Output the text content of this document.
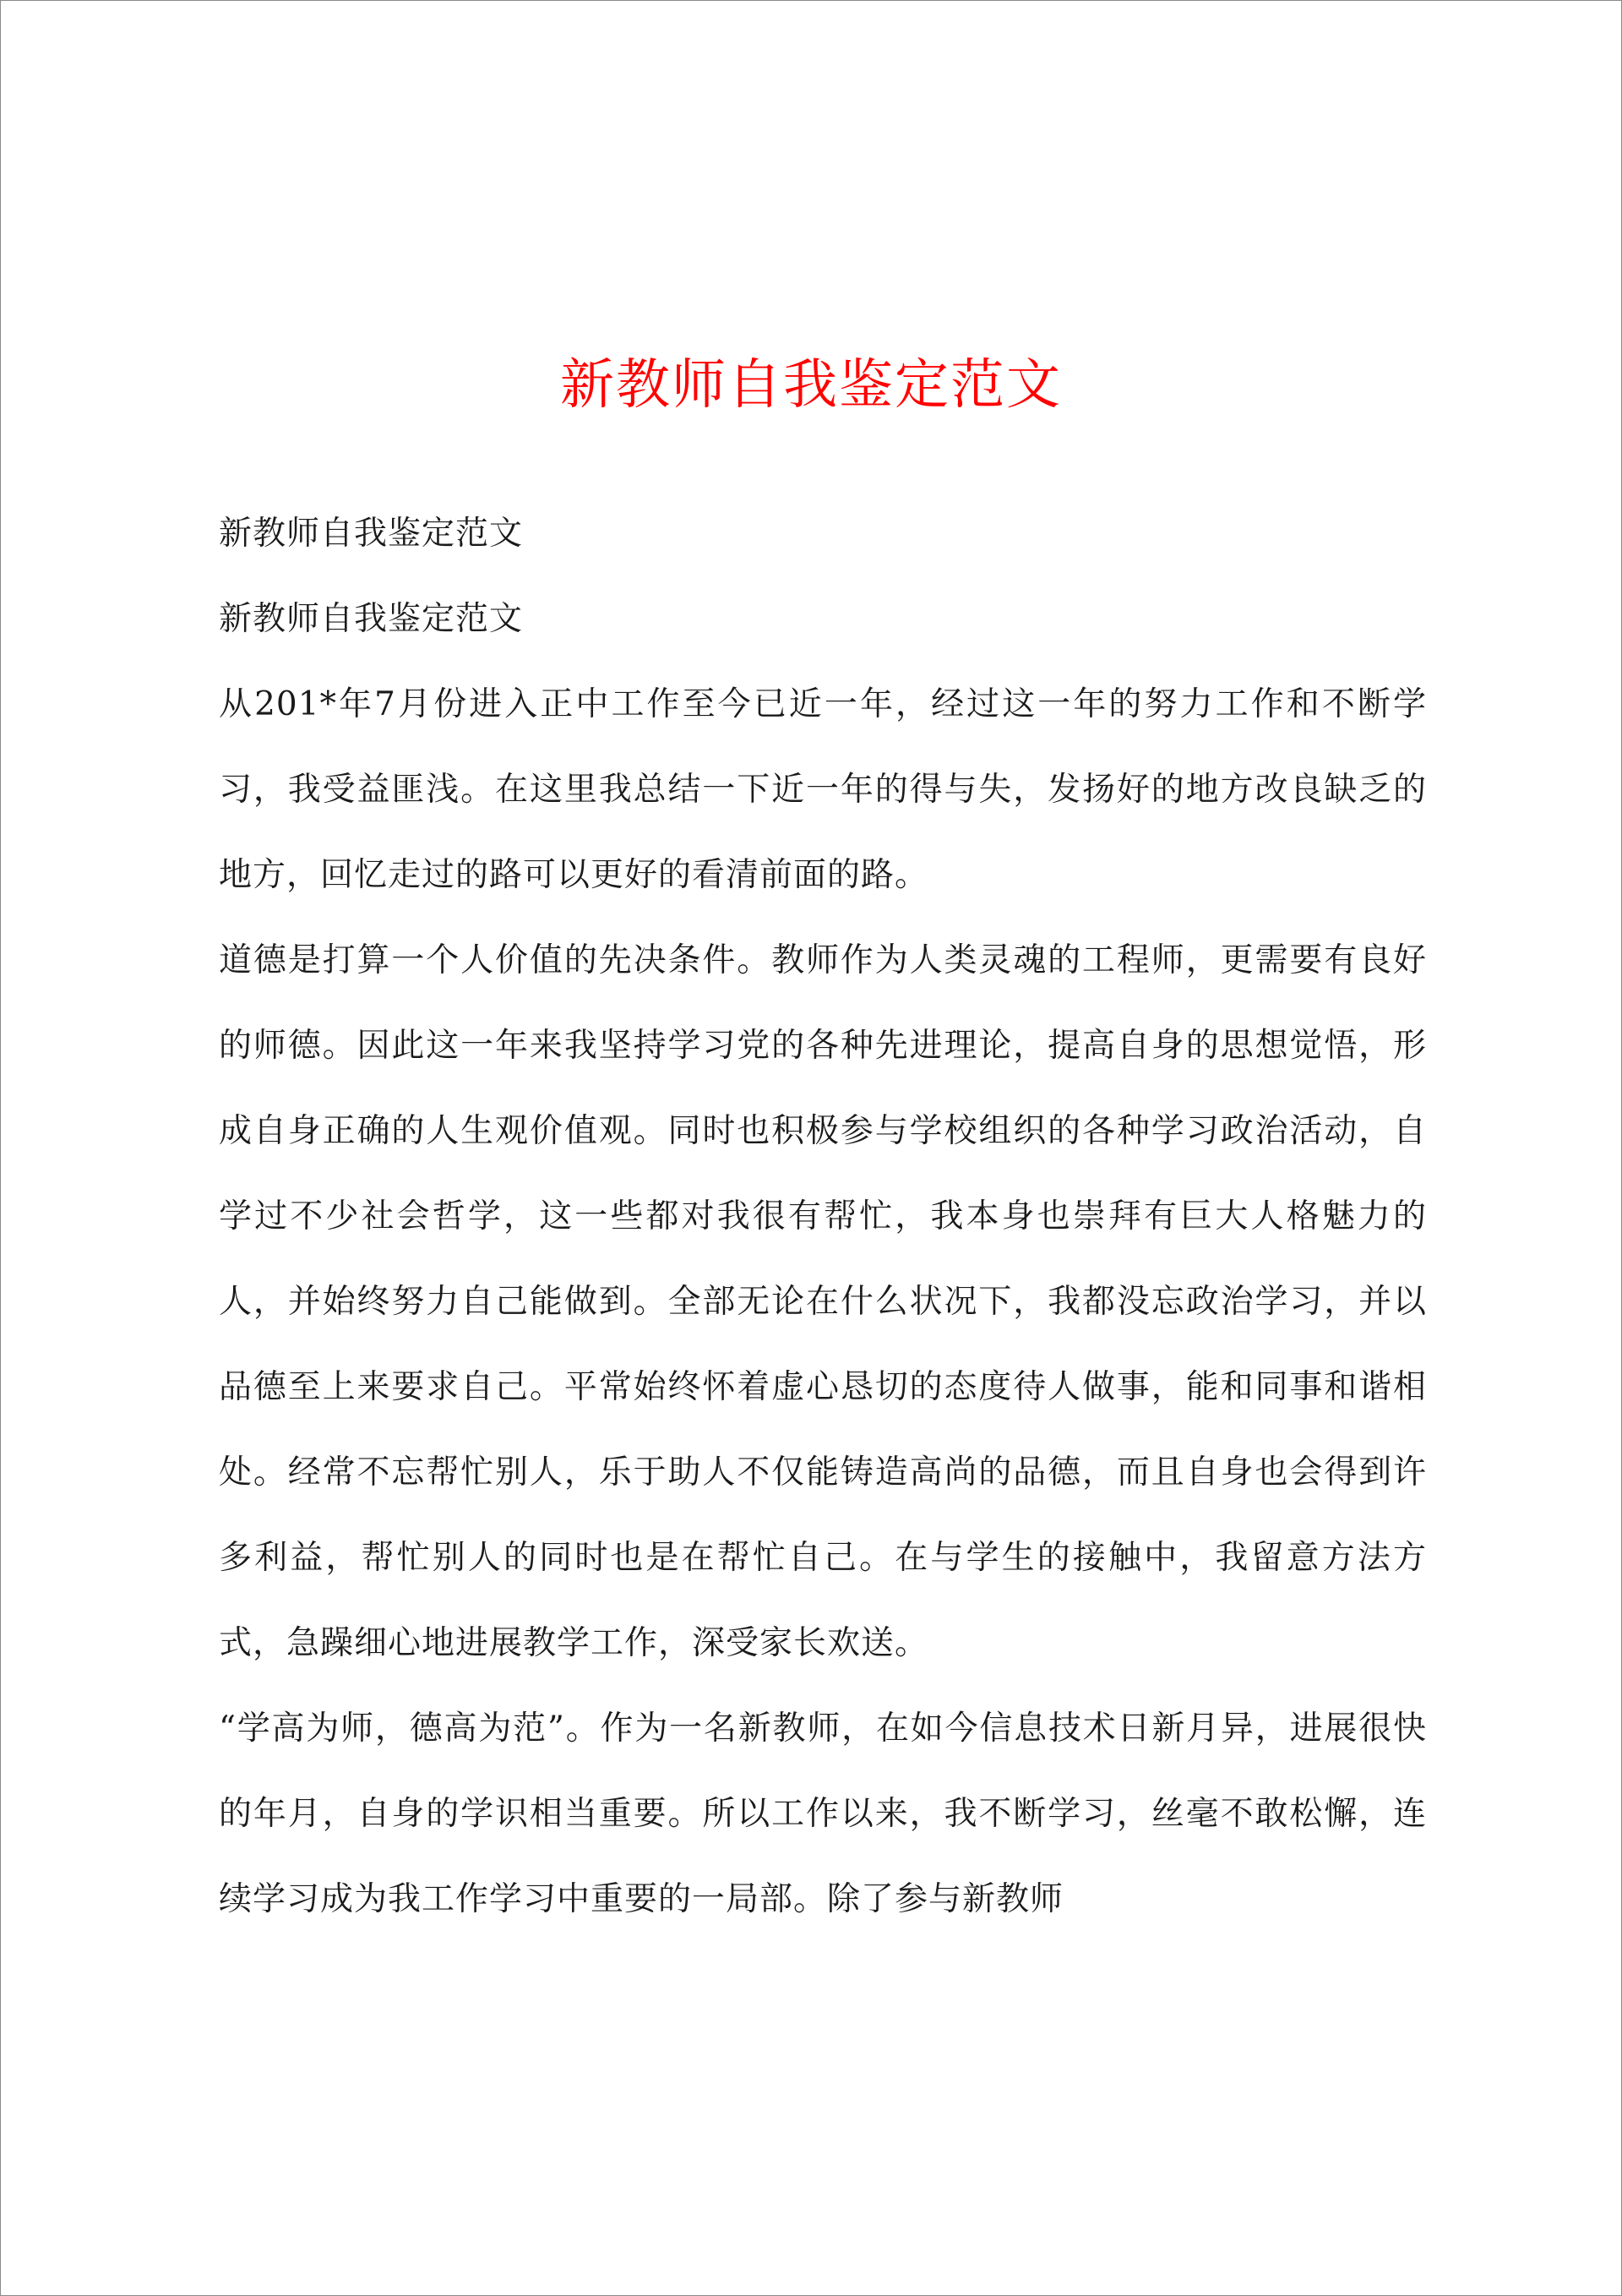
新教师自我鉴定范文

新教师自我鉴定范文

新教师自我鉴定范文

从201*年7月份进入正中工作至今已近一年，经过这一年的努力工作和不断学习，我受益匪浅。在这里我总结一下近一年的得与失，发扬好的地方改良缺乏的地方，回忆走过的路可以更好的看清前面的路。

道德是打算一个人价值的先决条件。教师作为人类灵魂的工程师，更需要有良好的师德。因此这一年来我坚持学习党的各种先进理论，提高自身的思想觉悟，形成自身正确的人生观价值观。同时也积极参与学校组织的各种学习政治活动，自学过不少社会哲学，这一些都对我很有帮忙，我本身也崇拜有巨大人格魅力的人，并始终努力自己能做到。全部无论在什么状况下，我都没忘政治学习，并以品德至上来要求自己。平常始终怀着虚心恳切的态度待人做事，能和同事和谐相处。经常不忘帮忙别人，乐于助人不仅能铸造高尚的品德，而且自身也会得到许多利益，帮忙别人的同时也是在帮忙自己。在与学生的接触中，我留意方法方式，急躁细心地进展教学工作，深受家长欢送。

“学高为师，德高为范”。作为一名新教师，在如今信息技术日新月异，进展很快的年月，自身的学识相当重要。所以工作以来，我不断学习，丝毫不敢松懈，连续学习成为我工作学习中重要的一局部。除了参与新教师
